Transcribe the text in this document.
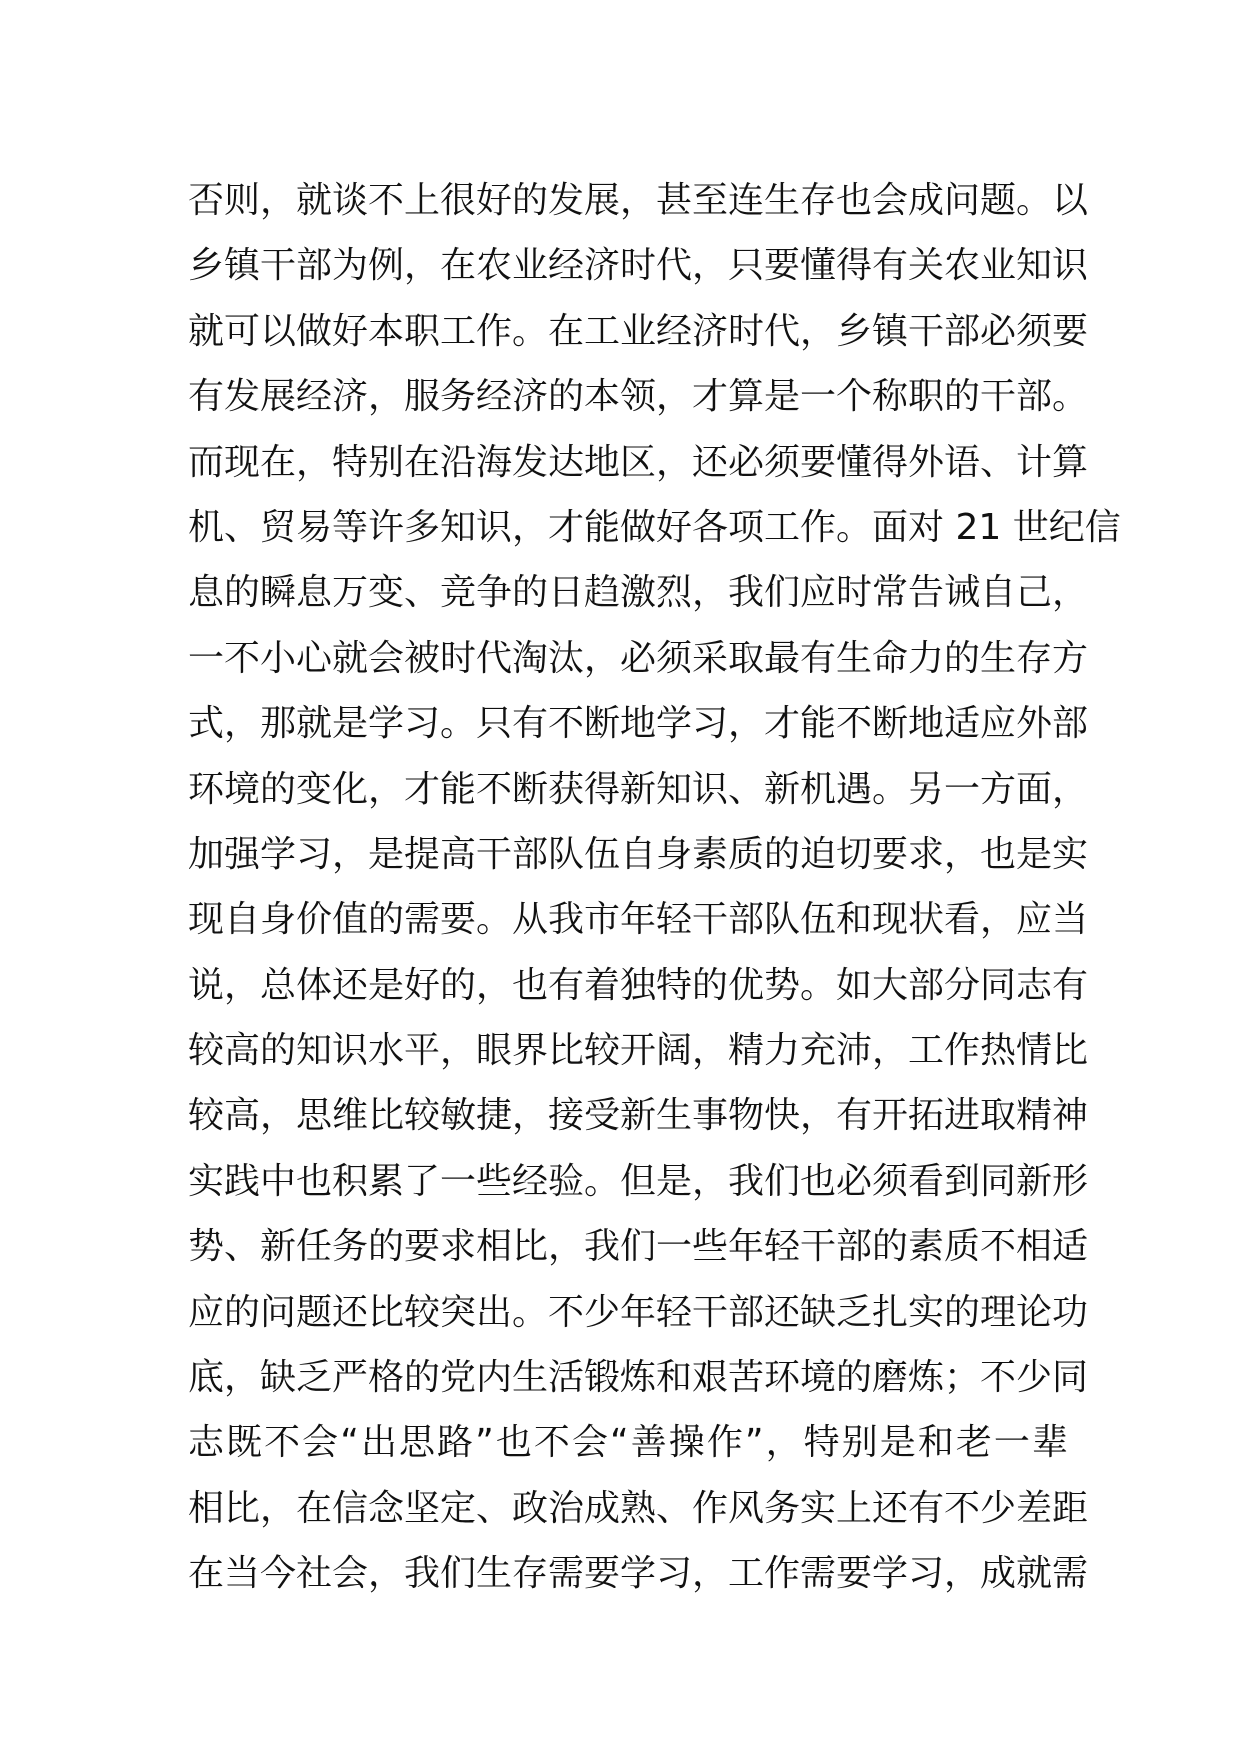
否则，就谈不上很好的发展，甚至连生存也会成问题。以
乡镇干部为例，在农业经济时代，只要懂得有关农业知识
就可以做好本职工作。在工业经济时代，乡镇干部必须要
有发展经济，服务经济的本领，才算是一个称职的干部。
而现在，特别在沿海发达地区，还必须要懂得外语、计算
机、贸易等许多知识，才能做好各项工作。面对 21 世纪信
息的瞬息万变、竞争的日趋激烈，我们应时常告诫自己，
一不小心就会被时代淘汰，必须采取最有生命力的生存方
式，那就是学习。只有不断地学习，才能不断地适应外部
环境的变化，才能不断获得新知识、新机遇。另一方面，
加强学习，是提高干部队伍自身素质的迫切要求，也是实
现自身价值的需要。从我市年轻干部队伍和现状看，应当
说，总体还是好的，也有着独特的优势。如大部分同志有
较高的知识水平，眼界比较开阔，精力充沛，工作热情比
较高，思维比较敏捷，接受新生事物快，有开拓进取精神
实践中也积累了一些经验。但是，我们也必须看到同新形
势、新任务的要求相比，我们一些年轻干部的素质不相适
应的问题还比较突出。不少年轻干部还缺乏扎实的理论功
底，缺乏严格的党内生活锻炼和艰苦环境的磨炼；不少同
志既不会“出思路”也不会“善操作”，特别是和老一辈
相比，在信念坚定、政治成熟、作风务实上还有不少差距
在当今社会，我们生存需要学习，工作需要学习，成就需
